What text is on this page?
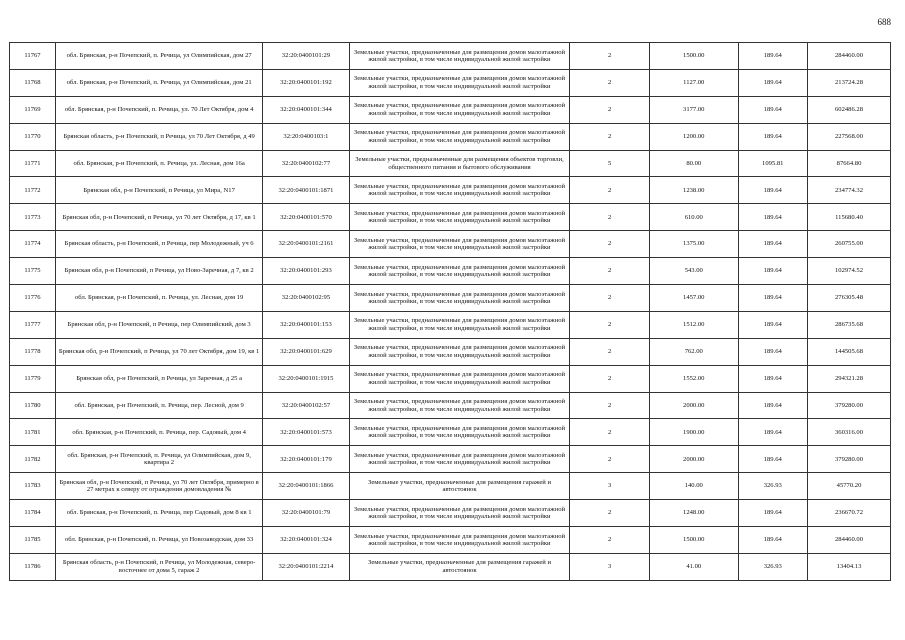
688
11767	обл. Брянская, р-н Почепский, п. Речица, ул Олимпийская, дом 27	32:20:0400101:29	Земельные участки, предназначенные для размещения домов малоэтажной жилой застройки, в том числе индивидуальной жилой застройки	2	1500.00	189.64	284460.00
11768	обл. Брянская, р-н Почепский, п. Речица, ул Олимпийская, дом 21	32:20:0400101:192	Земельные участки, предназначенные для размещения домов малоэтажной жилой застройки, в том числе индивидуальной жилой застройки	2	1127.00	189.64	213724.28
11769	обл. Брянская, р-н Почепский, п. Речица, ул. 70 Лет Октября, дом 4	32:20:0400101:344	Земельные участки, предназначенные для размещения домов малоэтажной жилой застройки, в том числе индивидуальной жилой застройки	2	3177.00	189.64	602486.28
11770	Брянская область, р-н Почепский, п Речица, ул 70 Лет Октября, д 49	32:20:0400103:1	Земельные участки, предназначенные для размещения домов малоэтажной жилой застройки, в том числе индивидуальной жилой застройки	2	1200.00	189.64	227568.00
11771	обл. Брянская, р-н Почепский, п. Речица, ул. Лесная, дом 16а	32:20:0400102:77	Земельные участки, предназначенные для размещения объектов торговли, общественного питания и бытового обслуживания	5	80.00	1095.81	87664.80
11772	Брянская обл, р-н Почепский, п Речица, ул Мира, N17	32:20:0400101:1871	Земельные участки, предназначенные для размещения домов малоэтажной жилой застройки, в том числе индивидуальной жилой застройки	2	1238.00	189.64	234774.32
11773	Брянская обл, р-н Почепский, п Речица, ул 70 лет Октября, д 17, кв 1	32:20:0400101:570	Земельные участки, предназначенные для размещения домов малоэтажной жилой застройки, в том числе индивидуальной жилой застройки	2	610.00	189.64	115680.40
11774	Брянская область, р-н Почепский, п Речица, пер Молодежный, уч 6	32:20:0400101:2161	Земельные участки, предназначенные для размещения домов малоэтажной жилой застройки, в том числе индивидуальной жилой застройки	2	1375.00	189.64	260755.00
11775	Брянская обл, р-н Почепский, п Речица, ул Ново-Заречная, д 7, кв 2	32:20:0400101:293	Земельные участки, предназначенные для размещения домов малоэтажной жилой застройки, в том числе индивидуальной жилой застройки	2	543.00	189.64	102974.52
11776	обл. Брянская, р-н Почепский, п. Речица, ул. Лесная, дом 19	32:20:0400102:95	Земельные участки, предназначенные для размещения домов малоэтажной жилой застройки, в том числе индивидуальной жилой застройки	2	1457.00	189.64	276305.48
11777	Брянская обл, р-н Почепский, п Речица, пер Олимпийский, дом 3	32:20:0400101:153	Земельные участки, предназначенные для размещения домов малоэтажной жилой застройки, в том числе индивидуальной жилой застройки	2	1512.00	189.64	286735.68
11778	Брянская обл, р-н Почепский, п Речица, ул 70 лет Октября, дом 19, кв 1	32:20:0400101:629	Земельные участки, предназначенные для размещения домов малоэтажной жилой застройки, в том числе индивидуальной жилой застройки	2	762.00	189.64	144505.68
11779	Брянская обл, р-н Почепский, п Речица, ул Заречная, д 25 а	32:20:0400101:1915	Земельные участки, предназначенные для размещения домов малоэтажной жилой застройки, в том числе индивидуальной жилой застройки	2	1552.00	189.64	294321.28
11780	обл. Брянская, р-н Почепский, п. Речица, пер. Лесной, дом 9	32:20:0400102:57	Земельные участки, предназначенные для размещения домов малоэтажной жилой застройки, в том числе индивидуальной жилой застройки	2	2000.00	189.64	379280.00
11781	обл. Брянская, р-н Почепский, п. Речица, пер. Садовый, дом 4	32:20:0400101:573	Земельные участки, предназначенные для размещения домов малоэтажной жилой застройки, в том числе индивидуальной жилой застройки	2	1900.00	189.64	360316.00
11782	обл. Брянская, р-н Почепский, п. Речица, ул Олимпийская, дом 9, квартира 2	32:20:0400101:179	Земельные участки, предназначенные для размещения домов малоэтажной жилой застройки, в том числе индивидуальной жилой застройки	2	2000.00	189.64	379280.00
11783	Брянская обл, р-н Почепский, п Речица, ул 70 лет Октября, примерно в 27 метрах к северу от ограждения домовладения №	32:20:0400101:1866	Земельные участки, предназначенные для размещения гаражей и автостоянок	3	140.00	326.93	45770.20
11784	обл. Брянская, р-н Почепский, п. Речица, пер Садовый, дом 8 кв 1	32:20:0400101:79	Земельные участки, предназначенные для размещения домов малоэтажной жилой застройки, в том числе индивидуальной жилой застройки	2	1248.00	189.64	236670.72
11785	обл. Брянская, р-н Почепский, п. Речица, ул Новозаводская, дом 33	32:20:0400101:324	Земельные участки, предназначенные для размещения домов малоэтажной жилой застройки, в том числе индивидуальной жилой застройки	2	1500.00	189.64	284460.00
11786	Брянская область, р-н Почепский, п Речица, ул Молодежная, северо-восточнее от дома 5, гараж 2	32:20:0400101:2214	Земельные участки, предназначенные для размещения гаражей и автостоянок	3	41.00	326.93	13404.13
